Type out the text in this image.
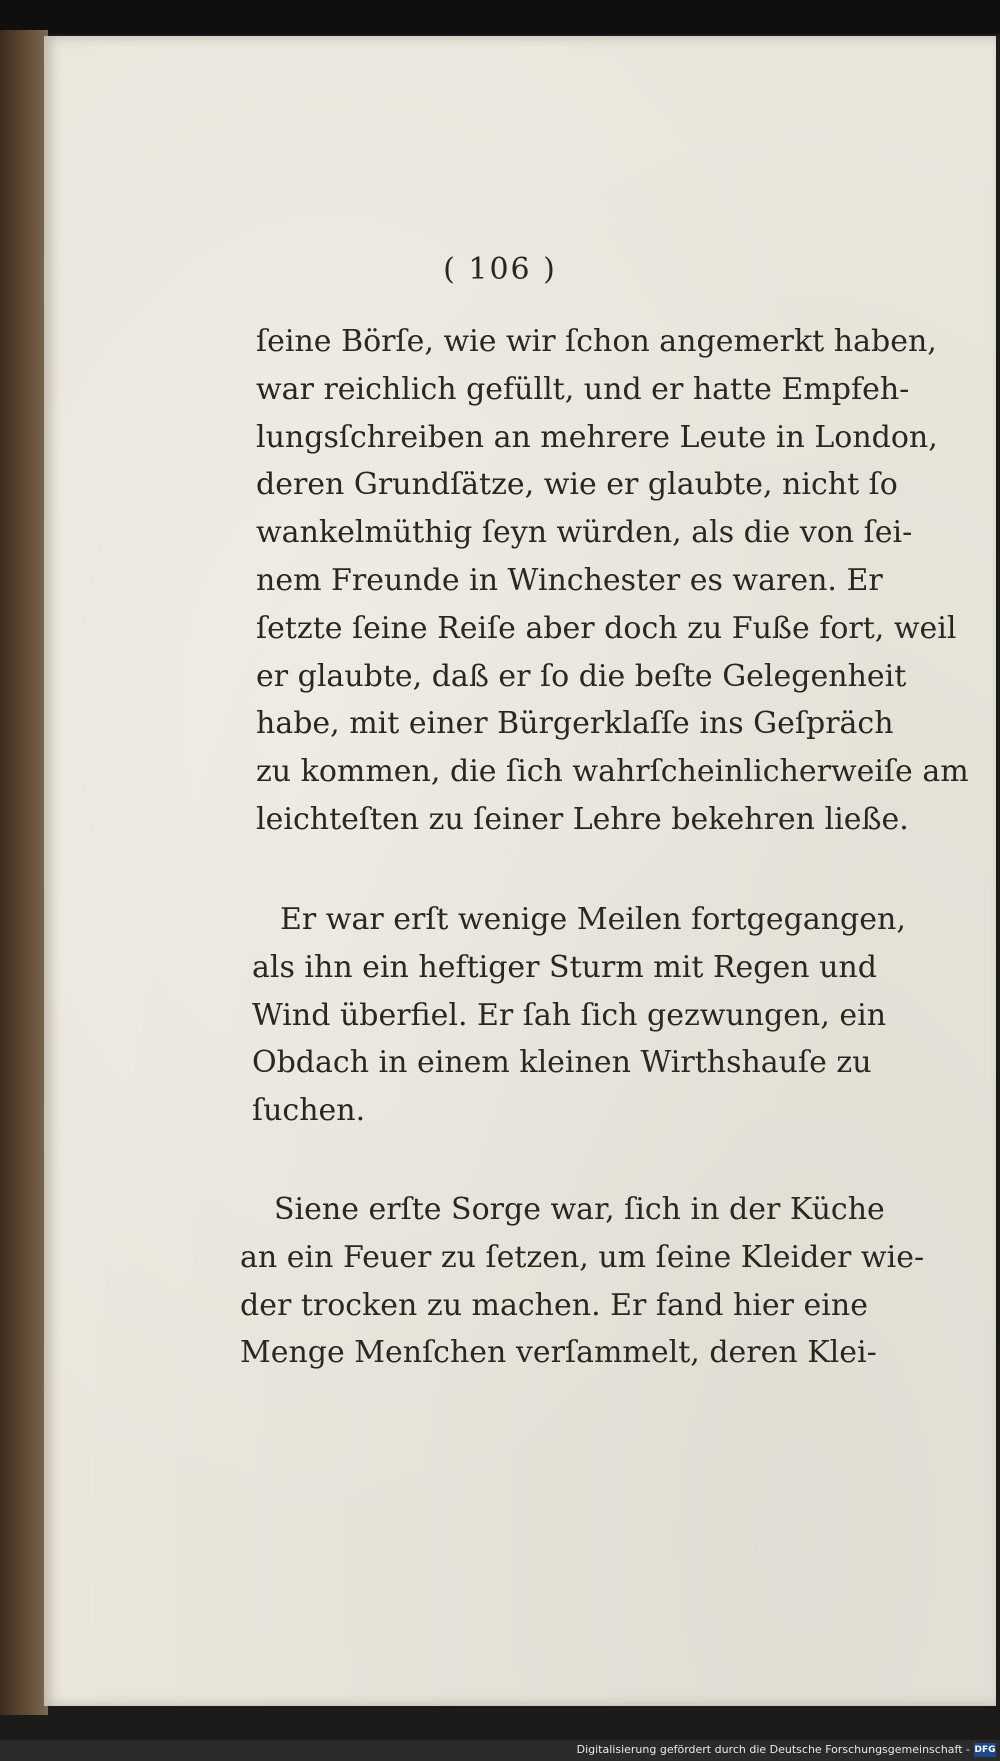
( 106 )
ſeine Börſe, wie wir ſchon angemerkt haben,
war reichlich gefüllt, und er hatte Empfeh-
lungsſchreiben an mehrere Leute in London,
deren Grundſätze, wie er glaubte, nicht ſo
wankelmüthig ſeyn würden, als die von ſei-
nem Freunde in Winchester es waren. Er
ſetzte ſeine Reiſe aber doch zu Fuße fort, weil
er glaubte, daß er ſo die beſte Gelegenheit
habe, mit einer Bürgerklaſſe ins Geſpräch
zu kommen, die ſich wahrſcheinlicherweiſe am
leichteſten zu ſeiner Lehre bekehren ließe.
Er war erſt wenige Meilen fortgegangen,
als ihn ein heftiger Sturm mit Regen und
Wind überfiel. Er ſah ſich gezwungen, ein
Obdach in einem kleinen Wirthshauſe zu
ſuchen.
Siene erſte Sorge war, ſich in der Küche
an ein Feuer zu ſetzen, um ſeine Kleider wie-
der trocken zu machen. Er fand hier eine
Menge Menſchen verſammelt, deren Klei-
Digitalisierung gefördert durch die Deutsche Forschungsgemeinschaft - DFG
